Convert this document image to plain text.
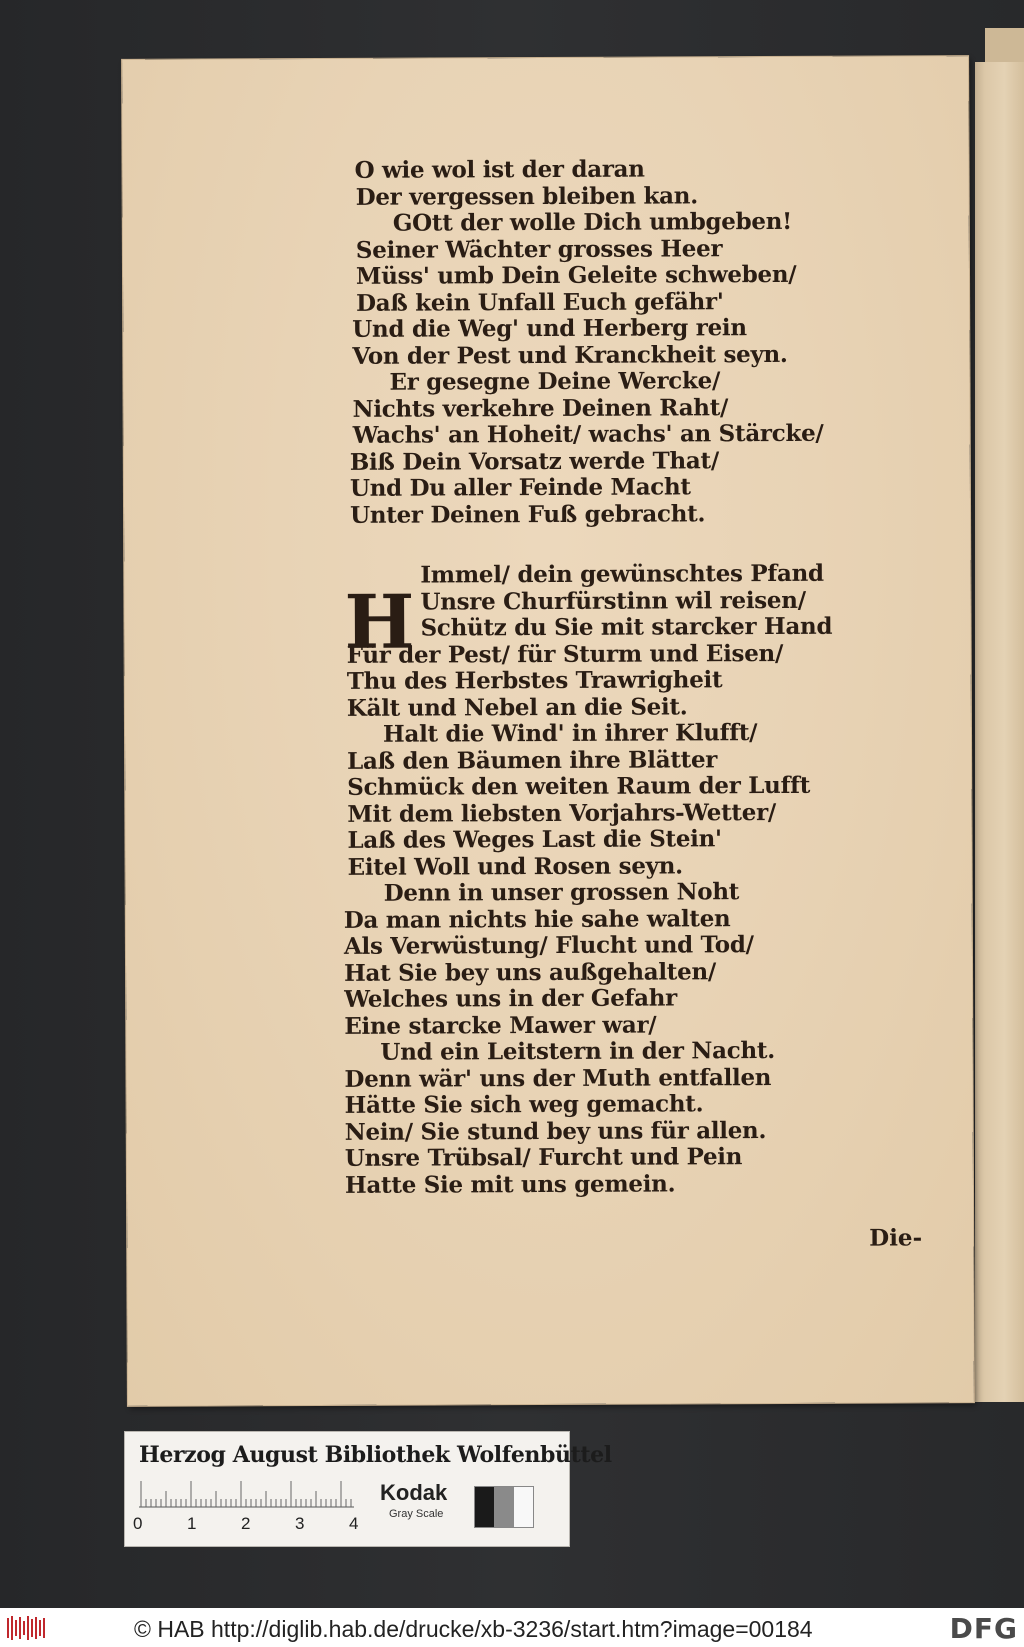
O wie wol ist der daran
Der vergessen bleiben kan.
GOtt der wolle Dich umbgeben!
Seiner Wächter grosses Heer
Müss' umb Dein Geleite schweben/
Daß kein Unfall Euch gefähr'
Und die Weg' und Herberg rein
Von der Pest und Kranckheit seyn.
Er gesegne Deine Wercke/
Nichts verkehre Deinen Raht/
Wachs' an Hoheit/ wachs' an Stärcke/
Biß Dein Vorsatz werde That/
Und Du aller Feinde Macht
Unter Deinen Fuß gebracht.
Immel/ dein gewünschtes Pfand
Unsre Churfürstinn wil reisen/
Schütz du Sie mit starcker Hand
Für der Pest/ für Sturm und Eisen/
Thu des Herbstes Trawrigheit
Kält und Nebel an die Seit.
Halt die Wind' in ihrer Klufft/
Laß den Bäumen ihre Blätter
Schmück den weiten Raum der Lufft
Mit dem liebsten Vorjahrs-Wetter/
Laß des Weges Last die Stein'
Eitel Woll und Rosen seyn.
Denn in unser grossen Noht
Da man nichts hie sahe walten
Als Verwüstung/ Flucht und Tod/
Hat Sie bey uns außgehalten/
Welches uns in der Gefahr
Eine starcke Mawer war/
Und ein Leitstern in der Nacht.
Denn wär' uns der Muth entfallen
Hätte Sie sich weg gemacht.
Nein/ Sie stund bey uns für allen.
Unsre Trübsal/ Furcht und Pein
Hatte Sie mit uns gemein.
H
Die-
Herzog August Bibliothek Wolfenbüttel
0	1	2	3	4
Kodak
Gray Scale
© HAB http://diglib.hab.de/drucke/xb-3236/start.htm?image=00184	DFG
